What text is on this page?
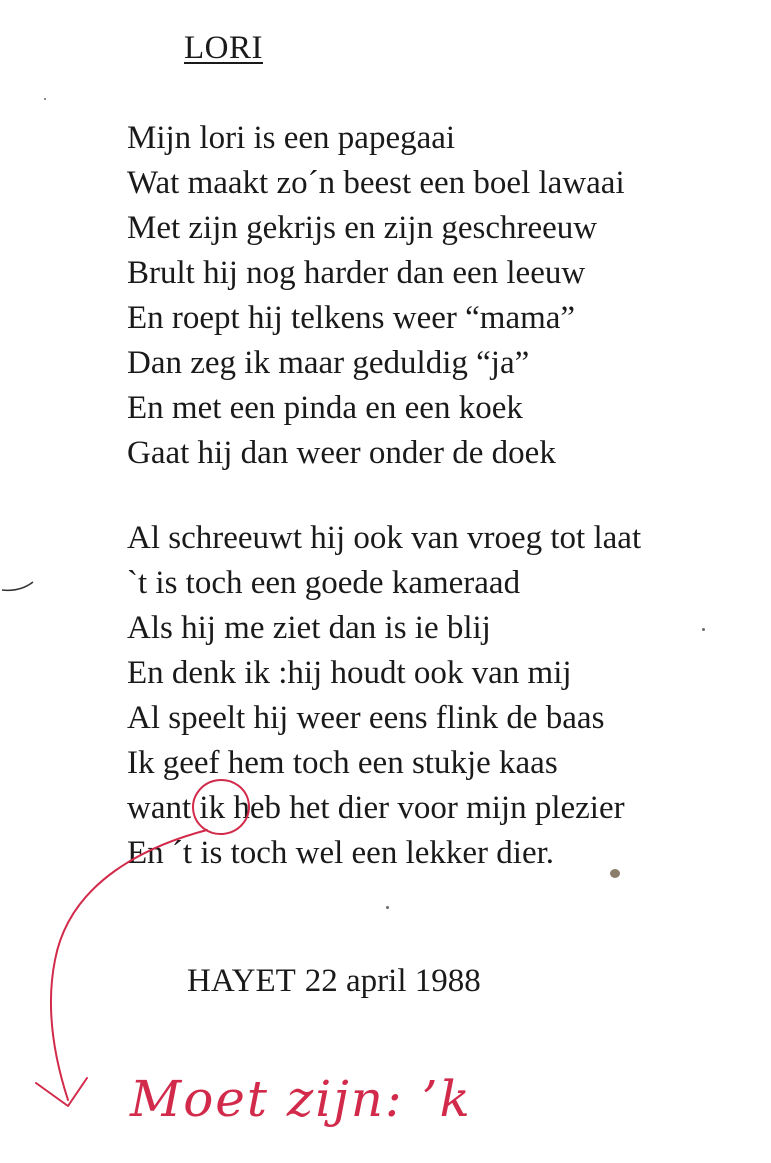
LORI
Mijn lori is een papegaai
Wat maakt zo´n beest een boel lawaai
Met zijn gekrijs en zijn geschreeuw
Brult hij nog harder dan een leeuw
En roept hij telkens weer “mama”
Dan zeg ik maar geduldig “ja”
En met een pinda en een koek
Gaat hij dan weer onder de doek
Al schreeuwt hij ook van vroeg tot laat
`t is toch een goede kameraad
Als hij me ziet dan is ie blij
En denk ik :hij houdt ook van mij
Al speelt hij weer eens flink de baas
Ik geef hem toch een stukje kaas
want ik heb het dier voor mijn plezier
En ´t is toch wel een lekker dier.
HAYET 22 april 1988
Moet zijn: ’k
